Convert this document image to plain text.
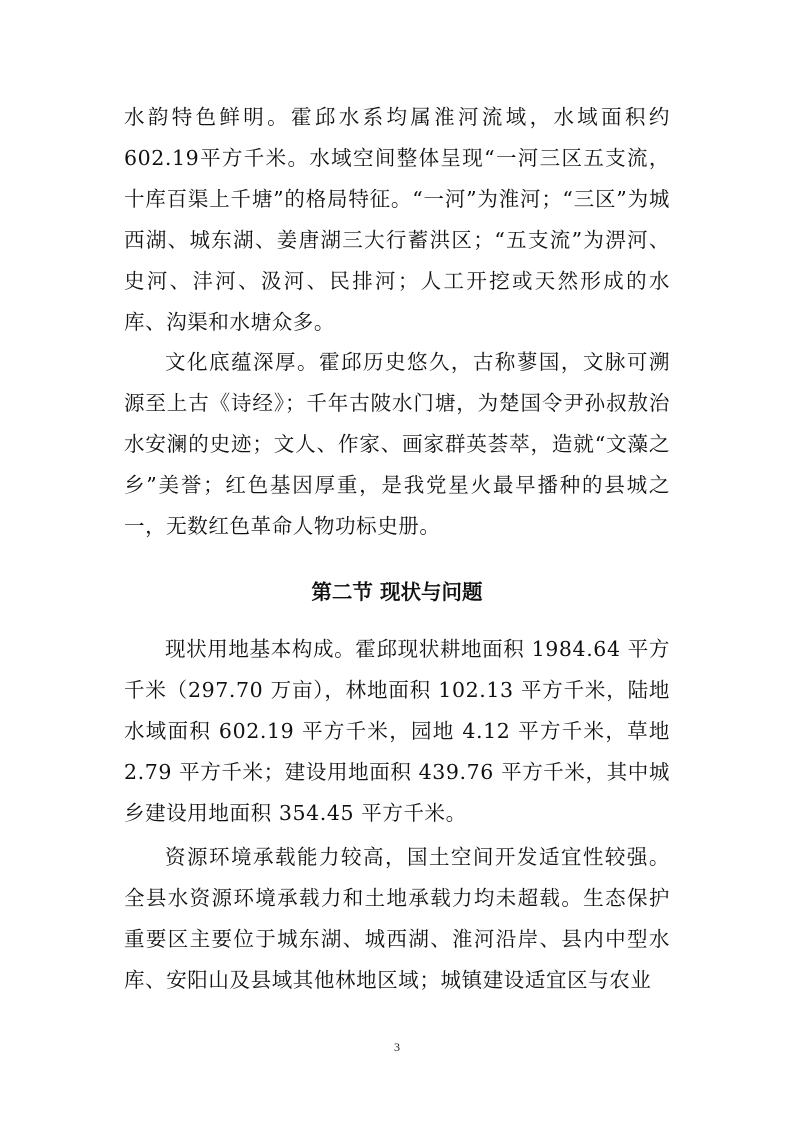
水韵特色鲜明。霍邱水系均属淮河流域，水域面积约602.19平方千米。水域空间整体呈现“一河三区五支流，十库百渠上千塘”的格局特征。“一河”为淮河；“三区”为城西湖、城东湖、姜唐湖三大行蓄洪区；“五支流”为淠河、史河、沣河、汲河、民排河；人工开挖或天然形成的水库、沟渠和水塘众多。

文化底蕴深厚。霍邱历史悠久，古称蓼国，文脉可溯源至上古《诗经》；千年古陂水门塘，为楚国令尹孙叔敖治水安澜的史迹；文人、作家、画家群英荟萃，造就“文藻之乡”美誉；红色基因厚重，是我党星火最早播种的县城之一，无数红色革命人物功标史册。

第二节 现状与问题

现状用地基本构成。霍邱现状耕地面积 1984.64 平方千米（297.70 万亩），林地面积 102.13 平方千米，陆地水域面积 602.19 平方千米，园地 4.12 平方千米，草地 2.79 平方千米；建设用地面积 439.76 平方千米，其中城乡建设用地面积 354.45 平方千米。

资源环境承载能力较高，国土空间开发适宜性较强。全县水资源环境承载力和土地承载力均未超载。生态保护重要区主要位于城东湖、城西湖、淮河沿岸、县内中型水库、安阳山及县域其他林地区域；城镇建设适宜区与农业

3
